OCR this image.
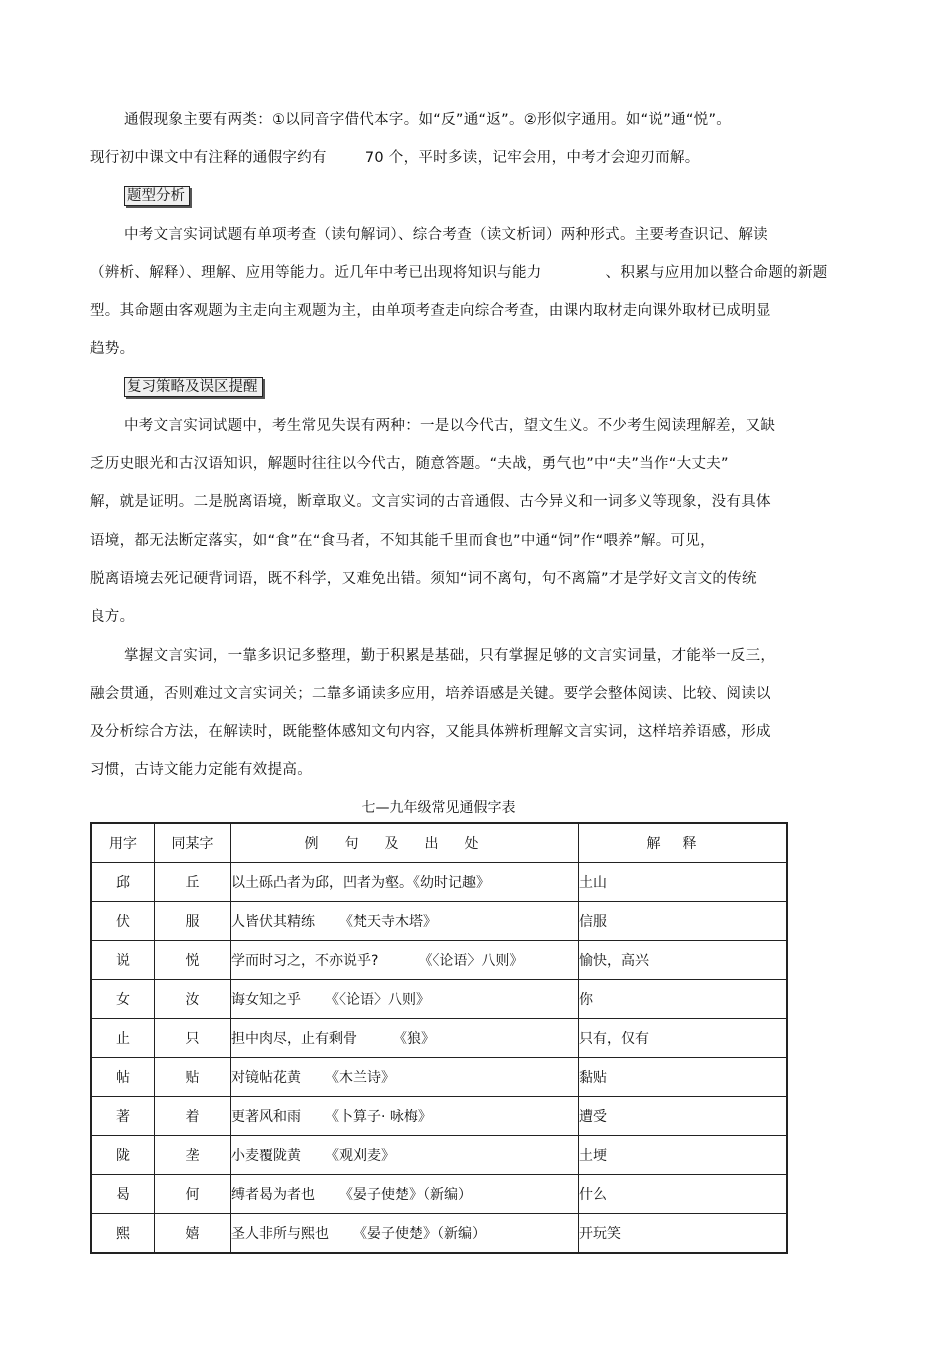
通假现象主要有两类：①以同音字借代本字。如“反”通“返”。②形似字通用。如“说”通“悦”。
现行初中课文中有注释的通假字约有	70 个，平时多读，记牢会用，中考才会迎刃而解。
题型分析
中考文言实词试题有单项考查（读句解词）、综合考查（读文析词）两种形式。主要考查识记、解读
（辨析、解释）、理解、应用等能力。近几年中考已出现将知识与能力	、积累与应用加以整合命题的新题
型。其命题由客观题为主走向主观题为主，由单项考查走向综合考查，由课内取材走向课外取材已成明显
趋势。
复习策略及误区提醒
中考文言实词试题中，考生常见失误有两种：一是以今代古，望文生义。不少考生阅读理解差，又缺
乏历史眼光和古汉语知识，解题时往往以今代古，随意答题。“夫战，勇气也”中“夫”当作“大丈夫”
解，就是证明。二是脱离语境，断章取义。文言实词的古音通假、古今异义和一词多义等现象，没有具体
语境，都无法断定落实，如“食”在“食马者，不知其能千里而食也”中通“饲”作“喂养”解。可见，
脱离语境去死记硬背词语，既不科学，又难免出错。须知“词不离句，句不离篇”才是学好文言文的传统
良方。
掌握文言实词，一靠多识记多整理，勤于积累是基础，只有掌握足够的文言实词量，才能举一反三，
融会贯通，否则难过文言实词关；二靠多诵读多应用，培养语感是关键。要学会整体阅读、比较、阅读以
及分析综合方法，在解读时，既能整体感知文句内容，又能具体辨析理解文言实词，这样培养语感，形成
习惯，古诗文能力定能有效提高。
七—九年级常见通假字表
用字	同某字	例句及出处	解释
邱	丘	以土砾凸者为邱，凹者为壑。《幼时记趣》	土山
伏	服	人皆伏其精练 《梵天寺木塔》	信服
说	悦	学而时习之，不亦说乎? 《〈论语〉八则》	愉快，高兴
女	汝	诲女知之乎 《〈论语〉八则》	你
止	只	担中肉尽，止有剩骨 《狼》	只有，仅有
帖	贴	对镜帖花黄 《木兰诗》	黏贴
著	着	更著风和雨 《卜算子· 咏梅》	遭受
陇	垄	小麦覆陇黄 《观刈麦》	土埂
曷	何	缚者曷为者也 《晏子使楚》（新编）	什么
熙	嬉	圣人非所与熙也 《晏子使楚》（新编）	开玩笑
